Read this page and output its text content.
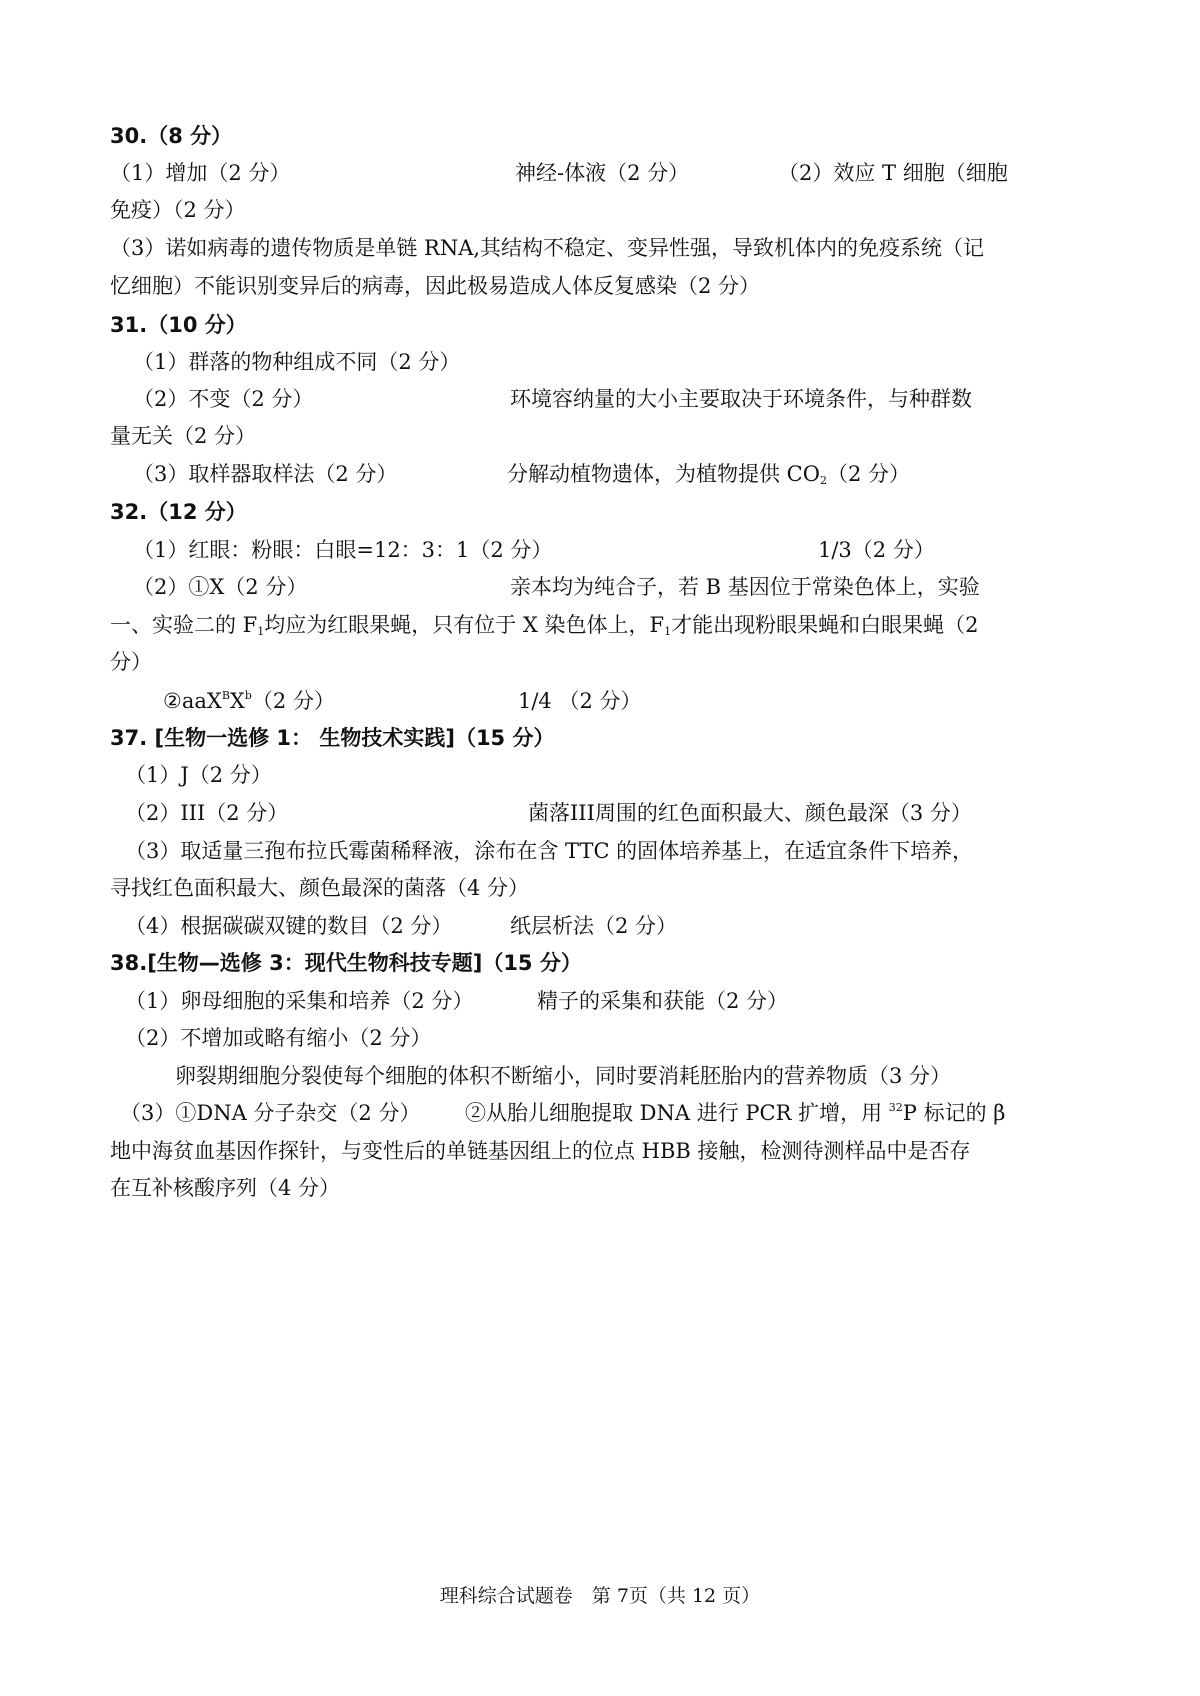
30.（8 分）
（1）增加（2 分）	神经-体液（2 分）	（2）效应 T 细胞（细胞
免疫）（2 分）
（3）诺如病毒的遗传物质是单链 RNA,其结构不稳定、变异性强，导致机体内的免疫系统（记
忆细胞）不能识别变异后的病毒，因此极易造成人体反复感染（2 分）
31.（10 分）
（1）群落的物种组成不同（2 分）
（2）不变（2 分）	环境容纳量的大小主要取决于环境条件，与种群数
量无关（2 分）
（3）取样器取样法（2 分）	分解动植物遗体，为植物提供 $CO_2(2$ 分）
32.（12 分）
（1）红眼：粉眼：白眼=12：3：1（2 分）	1/3（2 分）
（2）①X（2 分）	亲本均为纯合子，若 B 基因位于常染色体上，实验
一、实验二的 $F_1$均应为红眼果蝇，只有位于 X 染色体上，$F_1$才能出现粉眼果蝇和白眼果蝇（2
分）
$②aaX^BX^b(2$ 分）	1/4 （2 分）
37. [生物一选修 1： 生物技术实践]（15 分）
（1）J（2 分）
（2）III（2 分）	菌落III周围的红色面积最大、颜色最深（3 分）
（3）取适量三孢布拉氏霉菌稀释液，涂布在含 TTC 的固体培养基上，在适宜条件下培养，
寻找红色面积最大、颜色最深的菌落（4 分）
（4）根据碳碳双键的数目（2 分）	纸层析法（2 分）
38.[生物—选修 3：现代生物科技专题]（15 分）
（1）卵母细胞的采集和培养（2 分）	精子的采集和获能（2 分）
（2）不增加或略有缩小（2 分）
卵裂期细胞分裂使每个细胞的体积不断缩小，同时要消耗胚胎内的营养物质（3 分）
（3）①DNA 分子杂交（2 分） ②从胎儿细胞提取 DNA 进行 PCR 扩增，用 $^{32}$P 标记的 β
地中海贫血基因作探针，与变性后的单链基因组上的位点 HBB 接触，检测待测样品中是否存
在互补核酸序列（4 分）
理科综合试题卷　第 7页（共 12 页）
